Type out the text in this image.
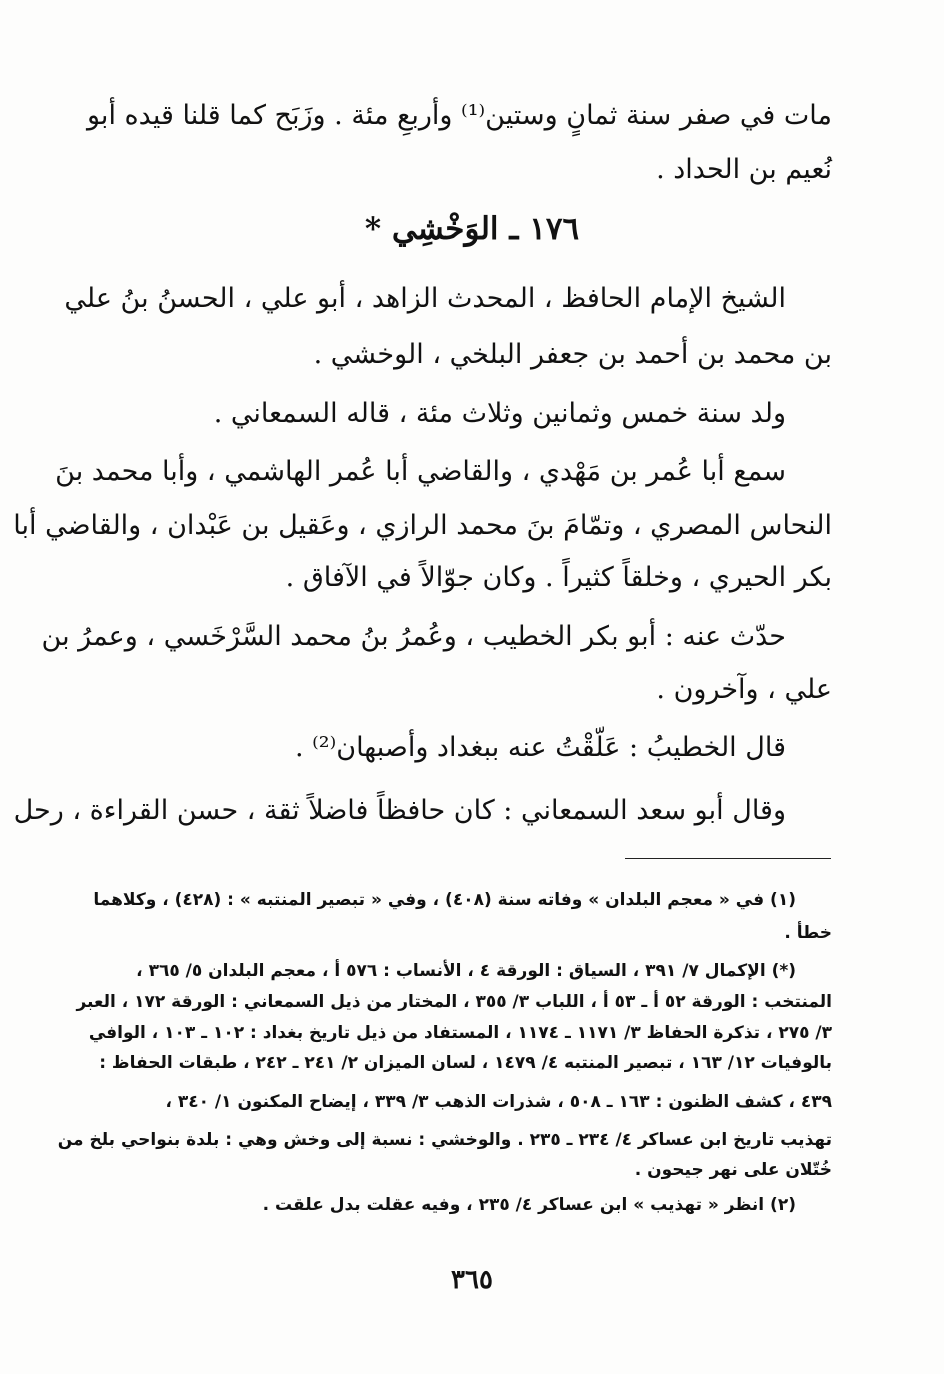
مات في صفر سنة ثمانٍ وستين⁽¹⁾ وأربعِ مئة . وزَبَح كما قلنا قيده أبو
نُعيم بن الحداد .
١٧٦ ـ الوَخْشِي *
الشيخ الإمام الحافظ ، المحدث الزاهد ، أبو علي ، الحسنُ بنُ علي
بن محمد بن أحمد بن جعفر البلخي ، الوخشي .
ولد سنة خمس وثمانين وثلاث مئة ، قاله السمعاني .
سمع أبا عُمر بن مَهْدي ، والقاضي أبا عُمر الهاشمي ، وأبا محمد بنَ
النحاس المصري ، وتمّامَ بنَ محمد الرازي ، وعَقيل بن عَبْدان ، والقاضي أبا
بكر الحيري ، وخلقاً كثيراً . وكان جوّالاً في الآفاق .
حدّث عنه : أبو بكر الخطيب ، وعُمرُ بنُ محمد السَّرْخَسي ، وعمرُ بن
علي ، وآخرون .
قال الخطيبُ : عَلّقْتُ عنه ببغداد وأصبهان⁽²⁾ .
وقال أبو سعد السمعاني : كان حافظاً فاضلاً ثقة ، حسن القراءة ، رحل
(١) في « معجم البلدان » وفاته سنة (٤٠٨) ، وفي « تبصير المنتبه » : (٤٢٨) ، وكلاهما
خطأ .
(*) الإكمال ٧/ ٣٩١ ، السياق : الورقة ٤ ، الأنساب : ٥٧٦ أ ، معجم البلدان ٥/ ٣٦٥ ،
المنتخب : الورقة ٥٢ أ ـ ٥٣ أ ، اللباب ٣/ ٣٥٥ ، المختار من ذيل السمعاني : الورقة ١٧٢ ، العبر
٣/ ٢٧٥ ، تذكرة الحفاظ ٣/ ١١٧١ ـ ١١٧٤ ، المستفاد من ذيل تاريخ بغداد : ١٠٢ ـ ١٠٣ ، الوافي
بالوفيات ١٢/ ١٦٣ ، تبصير المنتبه ٤/ ١٤٧٩ ، لسان الميزان ٢/ ٢٤١ ـ ٢٤٢ ، طبقات الحفاظ :
٤٣٩ ، كشف الظنون : ١٦٣ ـ ٥٠٨ ، شذرات الذهب ٣/ ٣٣٩ ، إيضاح المكنون ١/ ٣٤٠ ،
تهذيب تاريخ ابن عساكر ٤/ ٢٣٤ ـ ٢٣٥ . والوخشي : نسبة إلى وخش وهي : بلدة بنواحي بلخ من
خُتّلان على نهر جيحون .
(٢) انظر « تهذيب » ابن عساكر ٤/ ٢٣٥ ، وفيه عقلت بدل علقت .
٣٦٥
